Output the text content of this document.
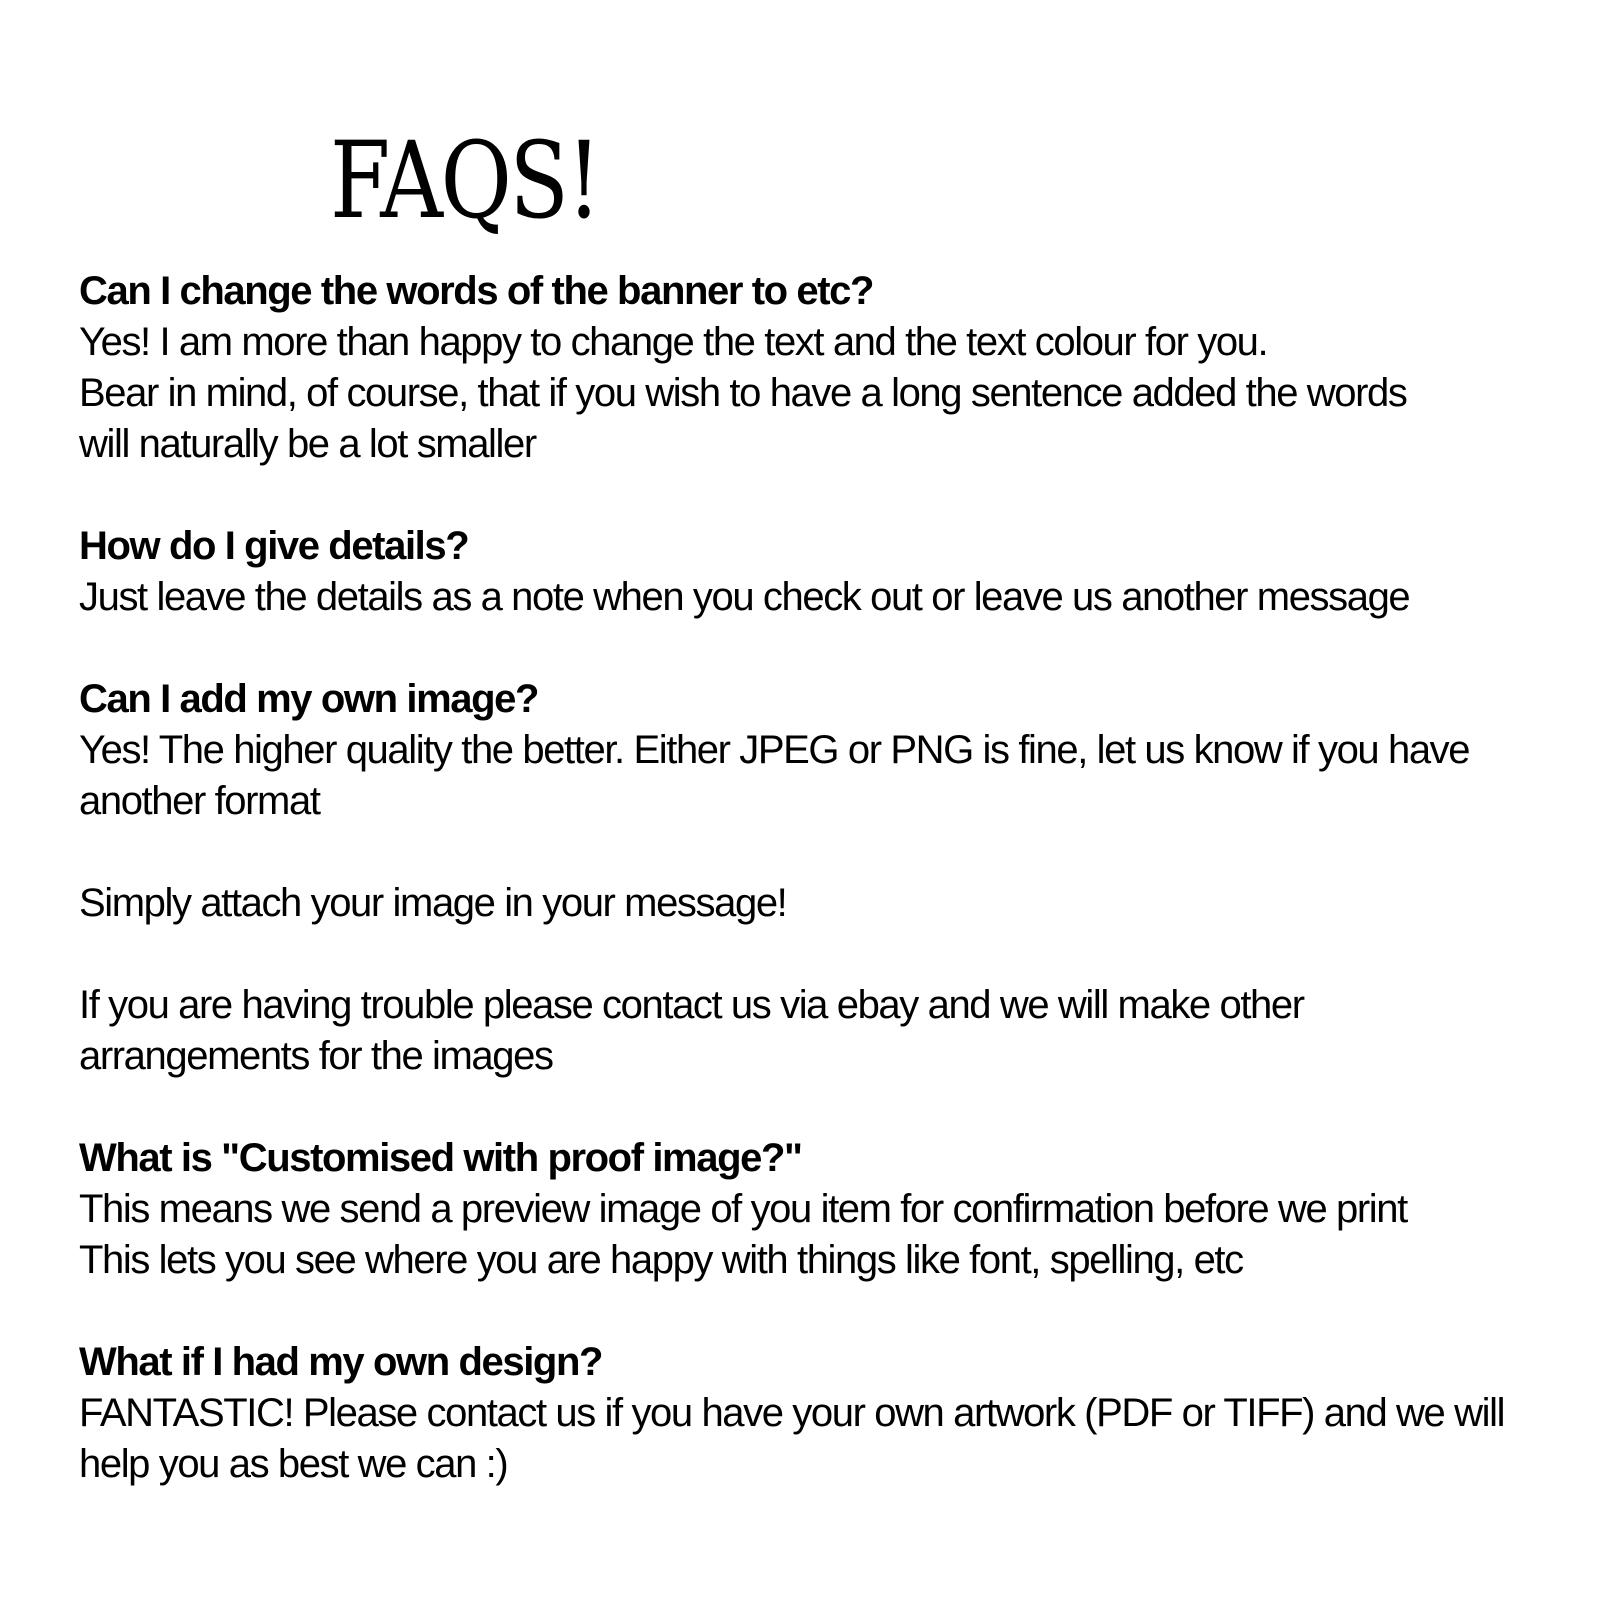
FAQS!

Can I change the words of the banner to etc?

Yes! I am more than happy to change the text and the text colour for you.
Bear in mind, of course, that if you wish to have a long sentence added the words
will naturally be a lot smaller

How do I give details?

Just leave the details as a note when you check out or leave us another message

Can I add my own image?

Yes! The higher quality the better. Either JPEG or PNG is fine, let us know if you have
another format

Simply attach your image in your message!

If you are having trouble please contact us via ebay and we will make other
arrangements for the images

What is "Customised with proof image?"

This means we send a preview image of you item for confirmation before we print
This lets you see where you are happy with things like font, spelling, etc

What if I had my own design?

FANTASTIC! Please contact us if you have your own artwork (PDF or TIFF) and we will
help you as best we can :)
